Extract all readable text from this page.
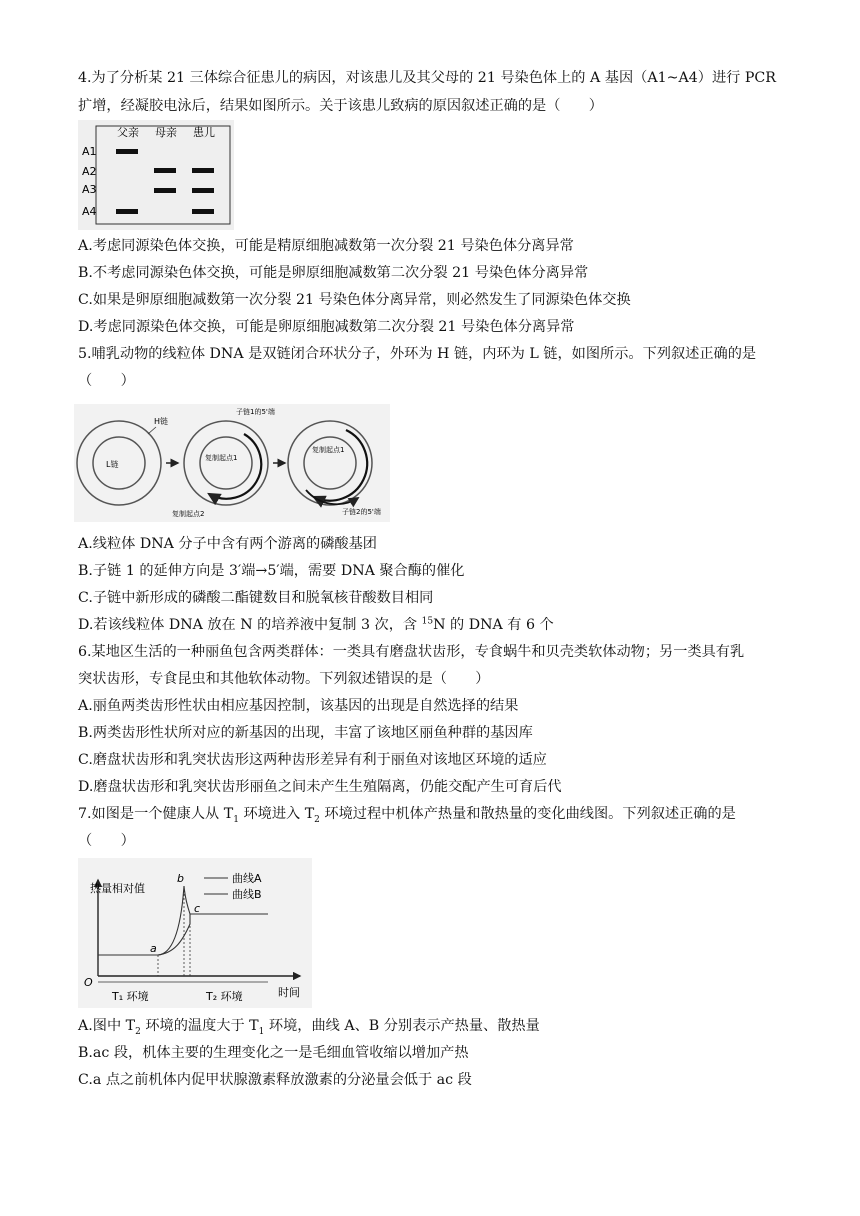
4.为了分析某 21 三体综合征患儿的病因，对该患儿及其父母的 21 号染色体上的 A 基因（A1~A4）进行 PCR
扩增，经凝胶电泳后，结果如图所示。关于该患儿致病的原因叙述正确的是（　　）
父亲 母亲 患儿
A1
A2
A3
A4
A.考虑同源染色体交换，可能是精原细胞减数第一次分裂 21 号染色体分离异常
B.不考虑同源染色体交换，可能是卵原细胞减数第二次分裂 21 号染色体分离异常
C.如果是卵原细胞减数第一次分裂 21 号染色体分离异常，则必然发生了同源染色体交换
D.考虑同源染色体交换，可能是卵原细胞减数第二次分裂 21 号染色体分离异常
5.哺乳动物的线粒体 DNA 是双链闭合环状分子，外环为 H 链，内环为 L 链，如图所示。下列叙述正确的是
（　　）
L链
H链
复制起点1
子链1的5'端
复制起点2
复制起点1
子链2的5'端
A.线粒体 DNA 分子中含有两个游离的磷酸基团
B.子链 1 的延伸方向是 3′端→5′端，需要 DNA 聚合酶的催化
C.子链中新形成的磷酸二酯键数目和脱氧核苷酸数目相同
D.若该线粒体 DNA 放在 N 的培养液中复制 3 次，含 $^{15}$N 的 DNA 有 6 个
6.某地区生活的一种丽鱼包含两类群体：一类具有磨盘状齿形，专食蜗牛和贝壳类软体动物；另一类具有乳
突状齿形，专食昆虫和其他软体动物。下列叙述错误的是（　　）
A.丽鱼两类齿形性状由相应基因控制，该基因的出现是自然选择的结果
B.两类齿形性状所对应的新基因的出现，丰富了该地区丽鱼种群的基因库
C.磨盘状齿形和乳突状齿形这两种齿形差异有利于丽鱼对该地区环境的适应
D.磨盘状齿形和乳突状齿形丽鱼之间未产生生殖隔离，仍能交配产生可育后代
7.如图是一个健康人从 $T_1$ 环境进入 $T_2$ 环境过程中机体产热量和散热量的变化曲线图。下列叙述正确的是
（　　）
热量相对值
时间
O
曲线A
曲线B
a
b
c
T₁ 环境	T₂ 环境
A.图中 $T_2$ 环境的温度大于 $T_1$ 环境，曲线 A、B 分别表示产热量、散热量
B.ac 段，机体主要的生理变化之一是毛细血管收缩以增加产热
C.a 点之前机体内促甲状腺激素释放激素的分泌量会低于 ac 段
